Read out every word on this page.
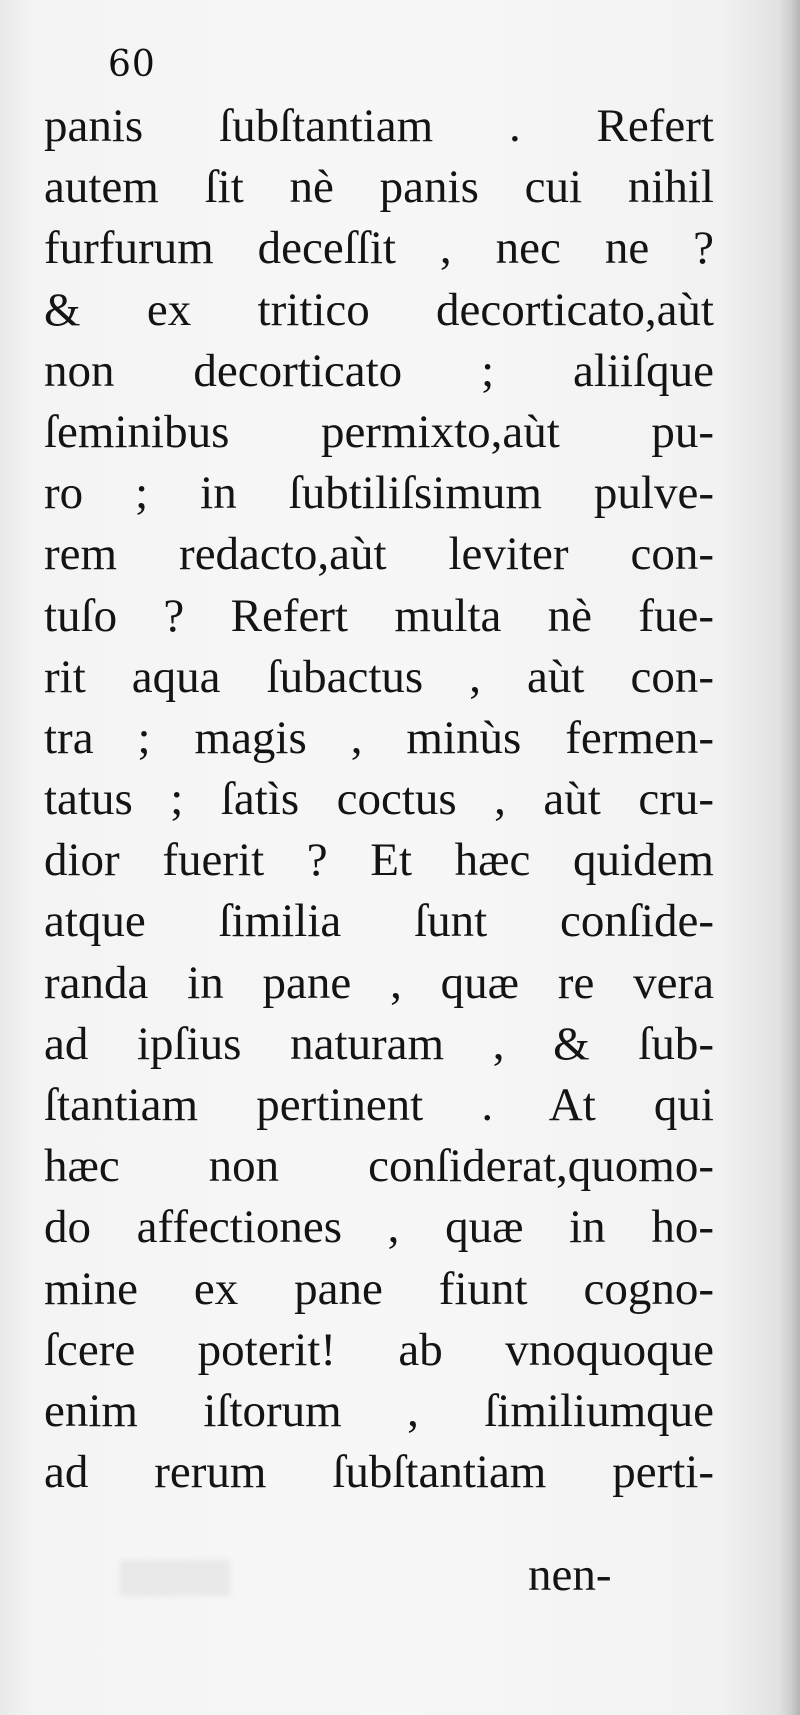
60
panis ſubſtantiam . Refert
autem ſit nè panis cui nihil
furfurum deceſſit , nec ne ?
& ex tritico decorticato,aùt
non decorticato ; aliiſque
ſeminibus permixto,aùt pu-
ro ; in ſubtiliſsimum pulve-
rem redacto,aùt leviter con-
tuſo ? Refert multa nè fue-
rit aqua ſubactus , aùt con-
tra ; magis , minùs fermen-
tatus ; ſatìs coctus , aùt cru-
dior fuerit ? Et hæc quidem
atque ſimilia ſunt conſide-
randa in pane , quæ re vera
ad ipſius naturam , & ſub-
ſtantiam pertinent . At qui
hæc non conſiderat,quomo-
do affectiones , quæ in ho-
mine ex pane fiunt cogno-
ſcere poterit! ab vnoquoque
enim iſtorum , ſimiliumque
ad rerum ſubſtantiam perti-
nen-
